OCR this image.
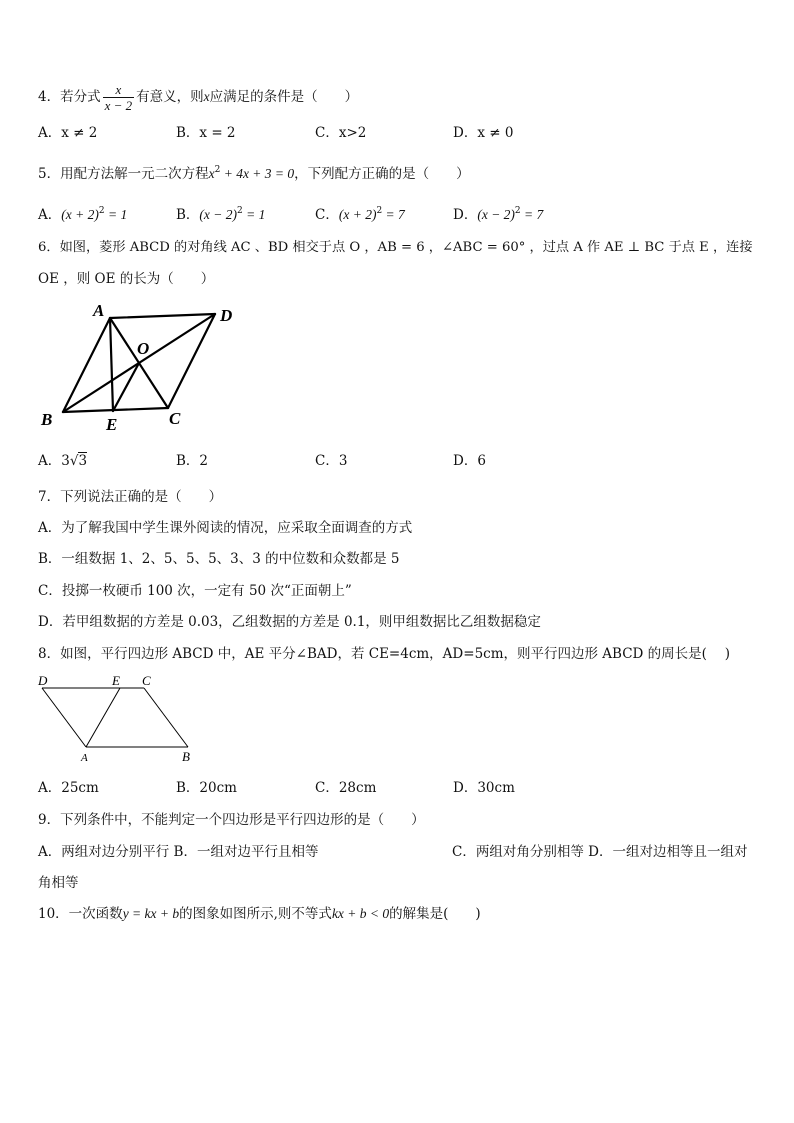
4．若分式 $\frac{x}{x - 2}$ 有意义，则x应满足的条件是（　　）
A．x ≠ 2	B．x = 2	C．x>2	D．x ≠ 0
5．用配方法解一元二次方程$x^2 + 4x + 3 = 0$，下列配方正确的是（　　）
A．$(x + 2)^2 = 1$	B．$(x - 2)^2 = 1$	C．$(x + 2)^2 = 7$	D．$(x - 2)^2 = 7$
6．如图，菱形 ABCD 的对角线 AC 、BD 相交于点 O ，AB = 6 ，∠ABC = 60° ，过点 A 作 AE ⊥ BC 于点 E ，连接
OE ，则 OE 的长为（　　）
A	D
O
B	E	C
A．3√3	B．2	C．3	D．6
7．下列说法正确的是（　　）
A．为了解我国中学生课外阅读的情况，应采取全面调查的方式
B．一组数据 1、2、5、5、5、3、3 的中位数和众数都是 5
C．投掷一枚硬币 100 次，一定有 50 次“正面朝上”
D．若甲组数据的方差是 0.03，乙组数据的方差是 0.1，则甲组数据比乙组数据稳定
8．如图，平行四边形 ABCD 中，AE 平分∠BAD，若 CE=4cm，AD=5cm，则平行四边形 ABCD 的周长是(　 )
D	E C
A	B
A．25cm	B．20cm	C．28cm	D．30cm
9．下列条件中，不能判定一个四边形是平行四边形的是（　　）
A．两组对边分别平行 B．一组对边平行且相等	C．两组对角分别相等 D．一组对边相等且一组对
角相等
10．一次函数y = kx + b的图象如图所示,则不等式kx + b < 0的解集是(　　)
